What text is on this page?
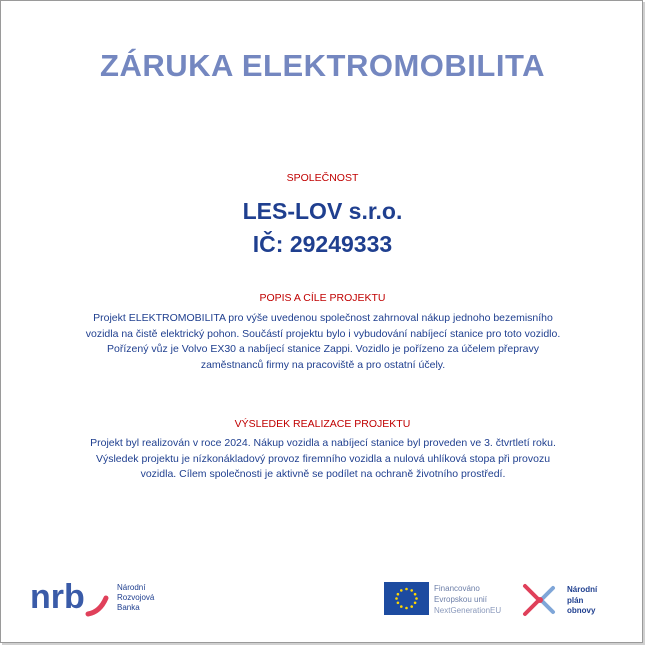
ZÁRUKA ELEKTROMOBILITA
SPOLEČNOST
LES-LOV s.r.o.
IČ: 29249333
POPIS A CÍLE PROJEKTU
Projekt ELEKTROMOBILITA pro výše uvedenou společnost zahrnoval nákup jednoho bezemisního vozidla na čistě elektrický pohon. Součástí projektu bylo i vybudování nabíjecí stanice pro toto vozidlo. Pořízený vůz je Volvo EX30 a nabíjecí stanice Zappi. Vozidlo je pořízeno za účelem přepravy zaměstnanců firmy na pracoviště a pro ostatní účely.
VÝSLEDEK REALIZACE PROJEKTU
Projekt byl realizován v roce 2024. Nákup vozidla a nabíjecí stanice byl proveden ve 3. čtvrtletí roku. Výsledek projektu je nízkonákladový provoz firemního vozidla a nulová uhlíková stopa při provozu vozidla. Cílem společnosti je aktivně se podílet na ochraně životního prostředí.
nrb	Národní
Rozvojová
Banka
Financováno
Evropskou unií
NextGenerationEU
Národní
plán
obnovy
